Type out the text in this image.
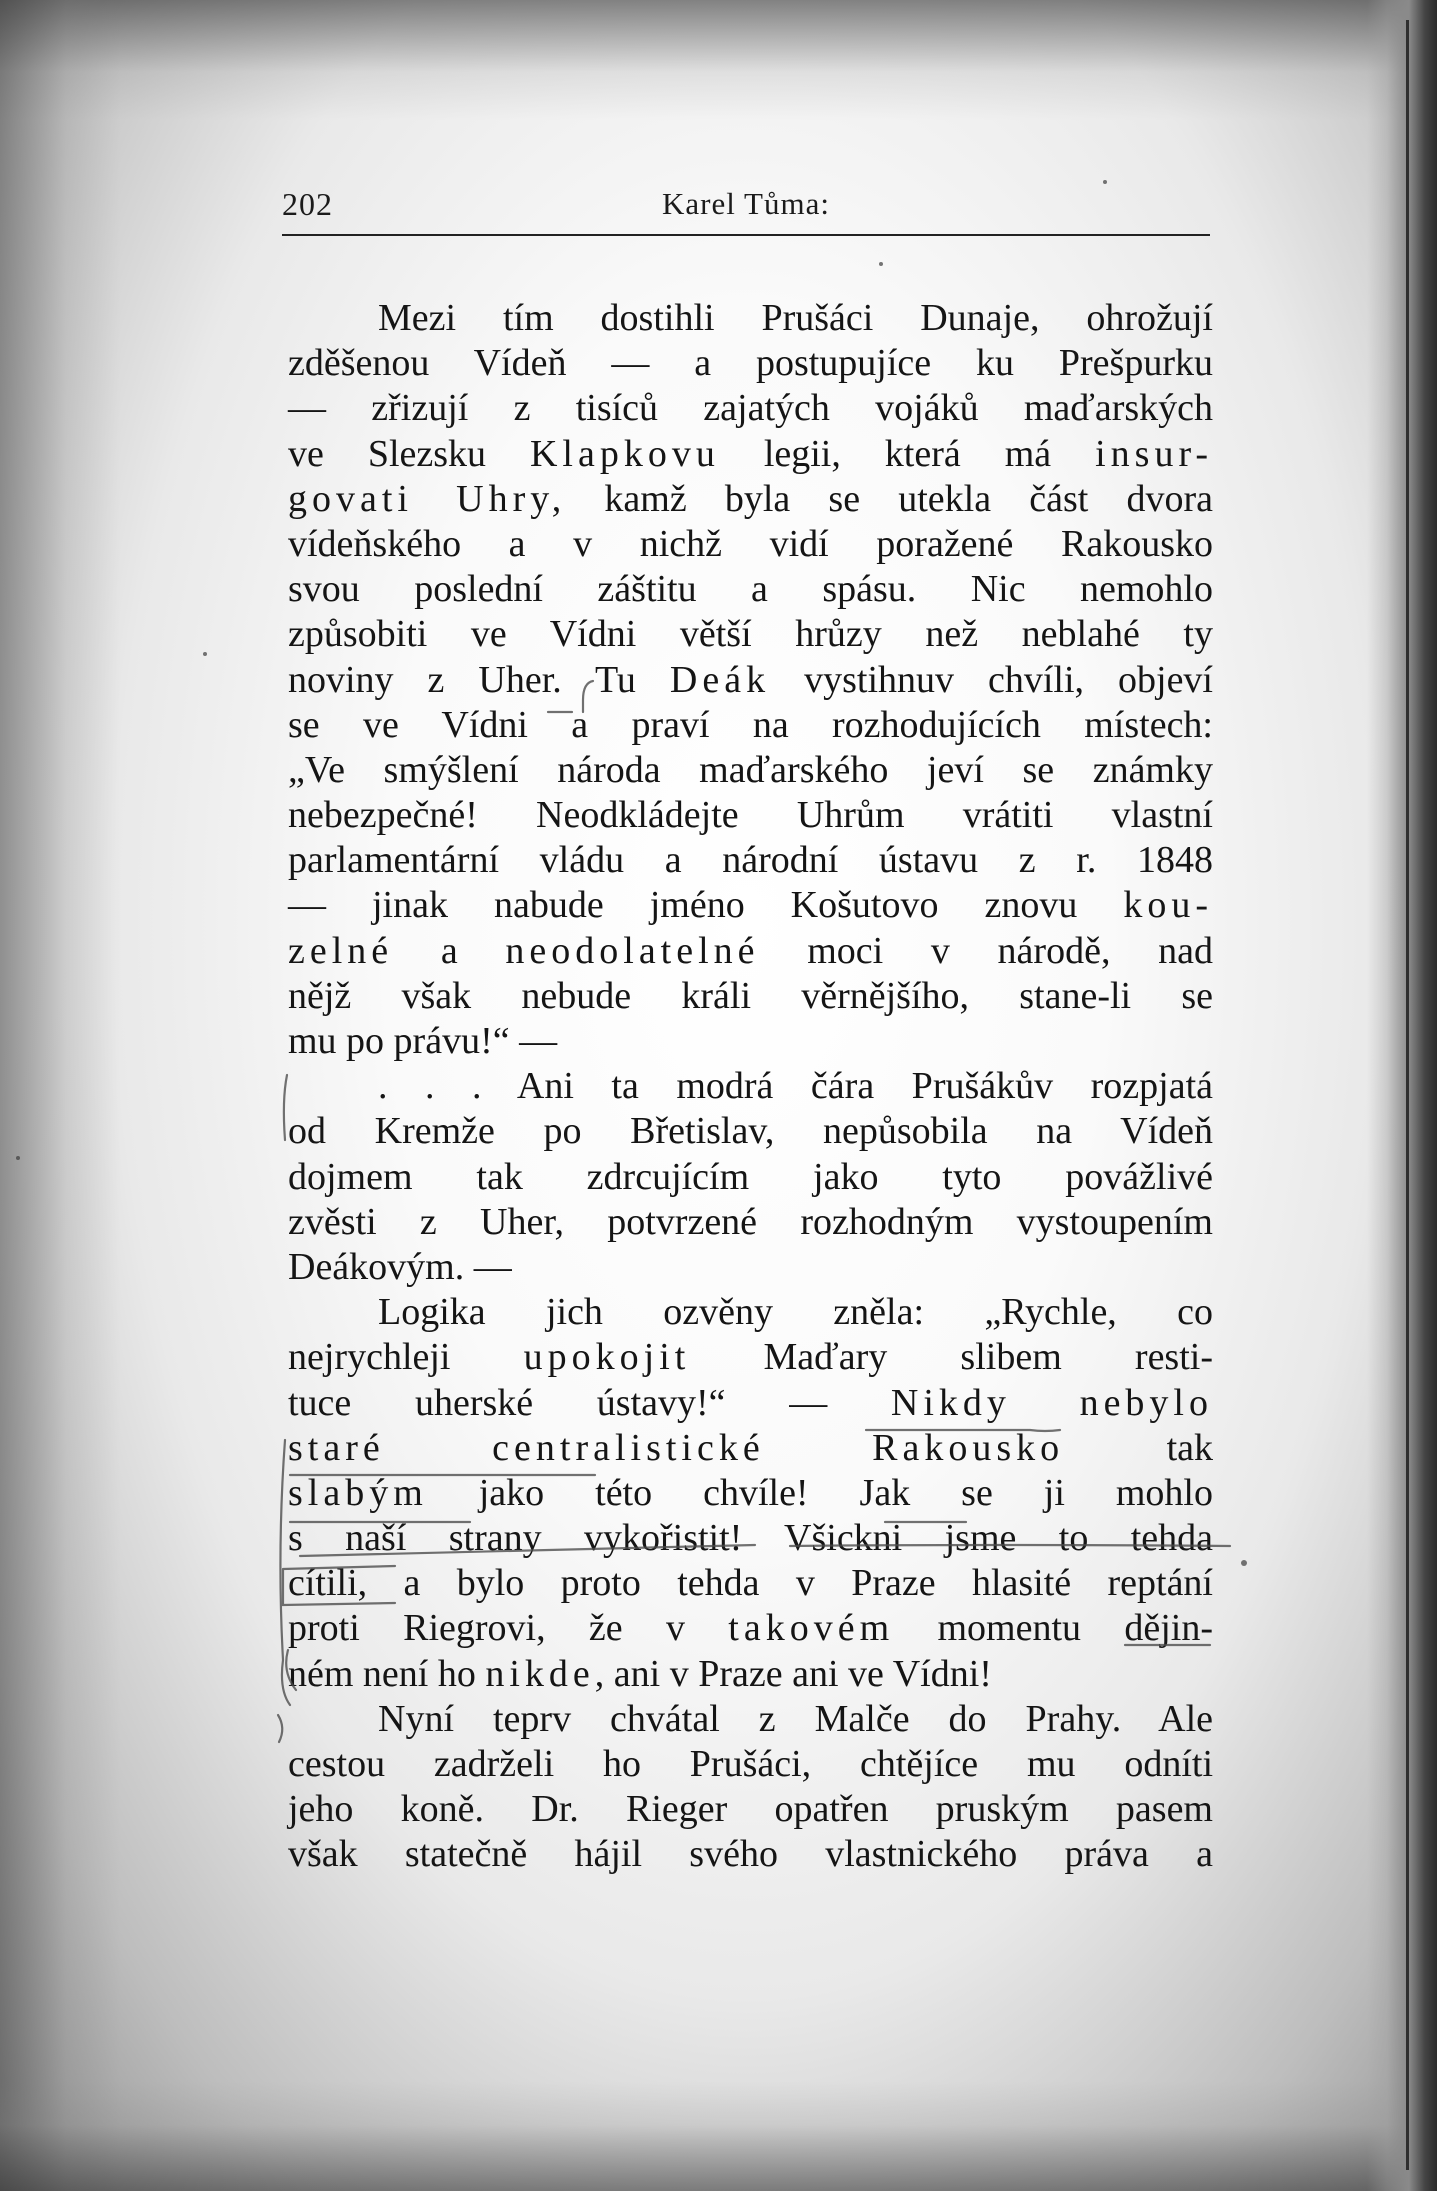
202	Karel Tůma:
Mezi tím dostihli Prušáci Dunaje, ohrožují
zděšenou Vídeň — a postupujíce ku Prešpurku
— zřizují z tisíců zajatých vojáků maďarských
ve Slezsku Klapkovu legii, která má insur-
govati Uhry, kamž byla se utekla část dvora
vídeňského a v nichž vidí poražené Rakousko
svou poslední záštitu a spásu. Nic nemohlo
způsobiti ve Vídni větší hrůzy než neblahé ty
noviny z Uher. Tu Deák vystihnuv chvíli, objeví
se ve Vídni a praví na rozhodujících místech:
„Ve smýšlení národa maďarského jeví se známky
nebezpečné! Neodkládejte Uhrům vrátiti vlastní
parlamentární vládu a národní ústavu z r. 1848
— jinak nabude jméno Košutovo znovu kou-
zelné a neodolatelné moci v národě, nad
nějž však nebude králi věrnějšího, stane-li se
mu po právu!“ —
. . . Ani ta modrá čára Prušákův rozpjatá
od Kremže po Břetislav, nepůsobila na Vídeň
dojmem tak zdrcujícím jako tyto povážlivé
zvěsti z Uher, potvrzené rozhodným vystoupením
Deákovým. —
Logika jich ozvěny zněla: „Rychle, co
nejrychleji upokojit Maďary slibem resti-
tuce uherské ústavy!“ — Nikdy nebylo
staré centralistické Rakousko tak
slabým jako této chvíle! Jak se ji mohlo
s naší strany vykořistit! Všickni jsme to tehda
cítili, a bylo proto tehda v Praze hlasité reptání
proti Riegrovi, že v takovém momentu dějin-
ném není ho nikde, ani v Praze ani ve Vídni!
Nyní teprv chvátal z Malče do Prahy. Ale
cestou zadrželi ho Prušáci, chtějíce mu odníti
jeho koně. Dr. Rieger opatřen pruským pasem
však statečně hájil svého vlastnického práva a
